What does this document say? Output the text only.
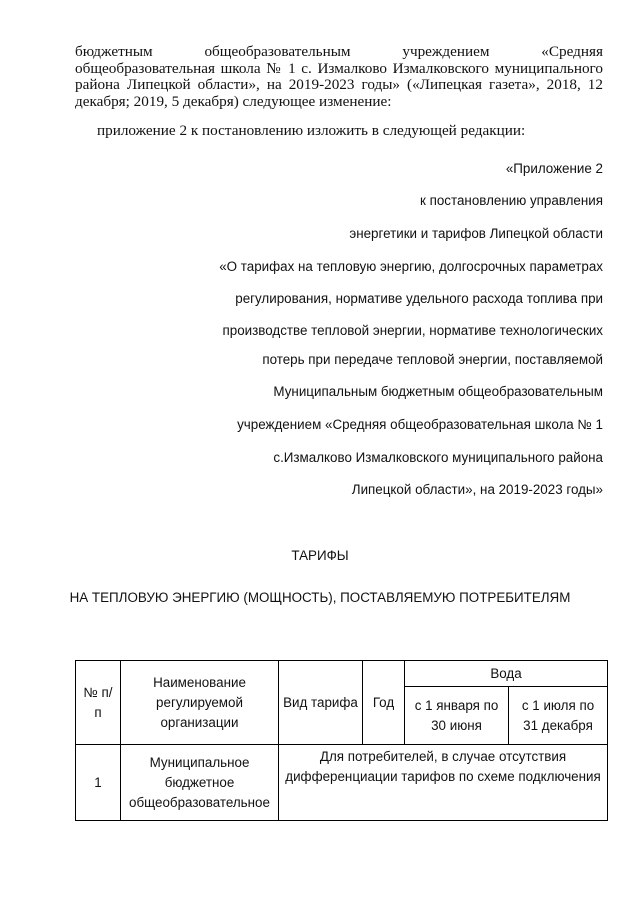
бюджетным общеобразовательным учреждением «Средняя
общеобразовательная школа № 1 с. Измалково Измалковского муниципального
района Липецкой области», на 2019-2023 годы» («Липецкая газета», 2018, 12
декабря; 2019, 5 декабря) следующее изменение:
приложение 2 к постановлению изложить в следующей редакции:
«Приложение 2
к постановлению управления
энергетики и тарифов Липецкой области
«О тарифах на тепловую энергию, долгосрочных параметрах
регулирования, нормативе удельного расхода топлива при
производстве тепловой энергии, нормативе технологических
потерь при передаче тепловой энергии, поставляемой
Муниципальным бюджетным общеобразовательным
учреждением «Средняя общеобразовательная школа № 1
с.Измалково Измалковского муниципального района
Липецкой области», на 2019-2023 годы»
ТАРИФЫ
НА ТЕПЛОВУЮ ЭНЕРГИЮ (МОЩНОСТЬ), ПОСТАВЛЯЕМУЮ ПОТРЕБИТЕЛЯМ
№ п/п	Наименование регулируемой организации	Вид тарифа	Год	Вода	
				с 1 января по 30 июня	с 1 июля по 31 декабря
1	Муниципальное бюджетное общеобразовательное	Для потребителей, в случае отсутствия дифференциации тарифов по схеме подключения			
